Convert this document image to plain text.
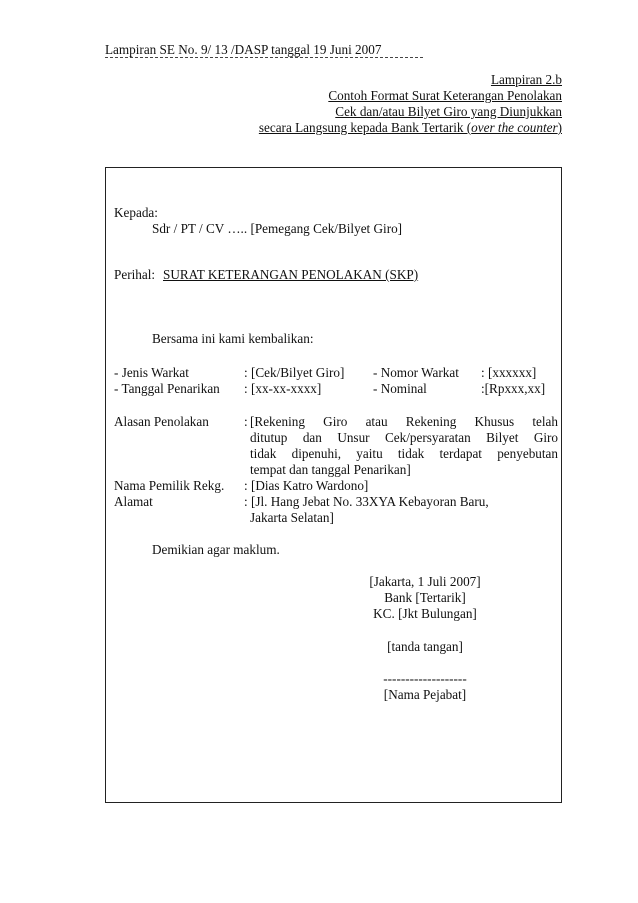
Lampiran SE No. 9/ 13 /DASP tanggal 19 Juni 2007
Lampiran 2.b
Contoh Format Surat Keterangan Penolakan
Cek dan/atau Bilyet Giro yang Diunjukkan
secara Langsung kepada Bank Tertarik (over the counter)
Kepada:
Sdr / PT / CV ….. [Pemegang Cek/Bilyet Giro]
Perihal: SURAT KETERANGAN PENOLAKAN (SKP)
Bersama ini kami kembalikan:
- Jenis Warkat	: [Cek/Bilyet Giro] - Nomor Warkat : [xxxxxx]
- Tanggal Penarikan : [xx-xx-xxxx]	- Nominal	:[Rpxxx,xx]
Alasan Penolakan	: [Rekening Giro atau Rekening Khusus telah
ditutup dan Unsur Cek/persyaratan Bilyet Giro
tidak dipenuhi, yaitu tidak terdapat penyebutan
tempat dan tanggal Penarikan]
Nama Pemilik Rekg. : [Dias Katro Wardono]
Alamat	: [Jl. Hang Jebat No. 33XYA Kebayoran Baru,
Jakarta Selatan]
Demikian agar maklum.
[Jakarta, 1 Juli 2007]
Bank [Tertarik]
KC. [Jkt Bulungan]
[tanda tangan]
-------------------
[Nama Pejabat]
